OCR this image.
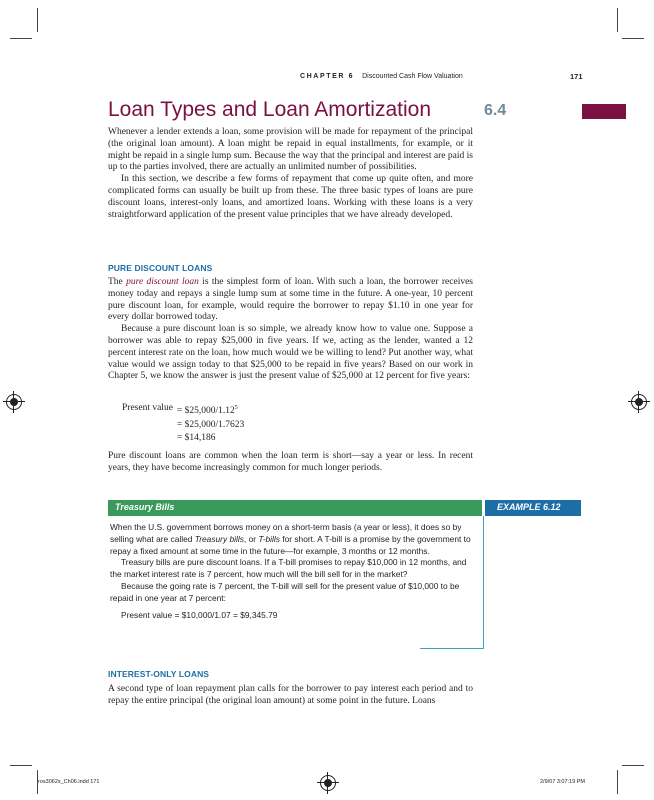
CHAPTER 6 Discounted Cash Flow Valuation	171
Loan Types and Loan Amortization	6.4

Whenever a lender extends a loan, some provision will be made for repayment of the principal (the original loan amount). A loan might be repaid in equal installments, for example, or it might be repaid in a single lump sum. Because the way that the principal and interest are paid is up to the parties involved, there are actually an unlimited number of possibilities.

In this section, we describe a few forms of repayment that come up quite often, and more complicated forms can usually be built up from these. The three basic types of loans are pure discount loans, interest-only loans, and amortized loans. Working with these loans is a very straightforward application of the present value principles that we have already developed.

PURE DISCOUNT LOANS

The pure discount loan is the simplest form of loan. With such a loan, the borrower receives money today and repays a single lump sum at some time in the future. A one-year, 10 percent pure discount loan, for example, would require the borrower to repay $1.10 in one year for every dollar borrowed today.

Because a pure discount loan is so simple, we already know how to value one. Suppose a borrower was able to repay $25,000 in five years. If we, acting as the lender, wanted a 12 percent interest rate on the loan, how much would we be willing to lend? Put another way, what value would we assign today to that $25,000 to be repaid in five years? Based on our work in Chapter 5, we know the answer is just the present value of $25,000 at 12 percent for five years:

Present value	= $\$25,000/1.12^5$
	= $25,000/1.7623
	= $14,186

Pure discount loans are common when the loan term is short—say a year or less. In recent years, they have become increasingly common for much longer periods.

Treasury Bills	EXAMPLE 6.12

When the U.S. government borrows money on a short-term basis (a year or less), it does so by selling what are called Treasury bills, or T-bills for short. A T-bill is a promise by the government to repay a fixed amount at some time in the future—for example, 3 months or 12 months.

Treasury bills are pure discount loans. If a T-bill promises to repay $10,000 in 12 months, and the market interest rate is 7 percent, how much will the bill sell for in the market?

Because the going rate is 7 percent, the T-bill will sell for the present value of $10,000 to be repaid in one year at 7 percent:

Present value = $10,000/1.07 = $9,345.79

INTEREST-ONLY LOANS

A second type of loan repayment plan calls for the borrower to pay interest each period and to repay the entire principal (the original loan amount) at some point in the future. Loans

ros3062x_Ch06.indd 171	2/9/07 3:07:19 PM
